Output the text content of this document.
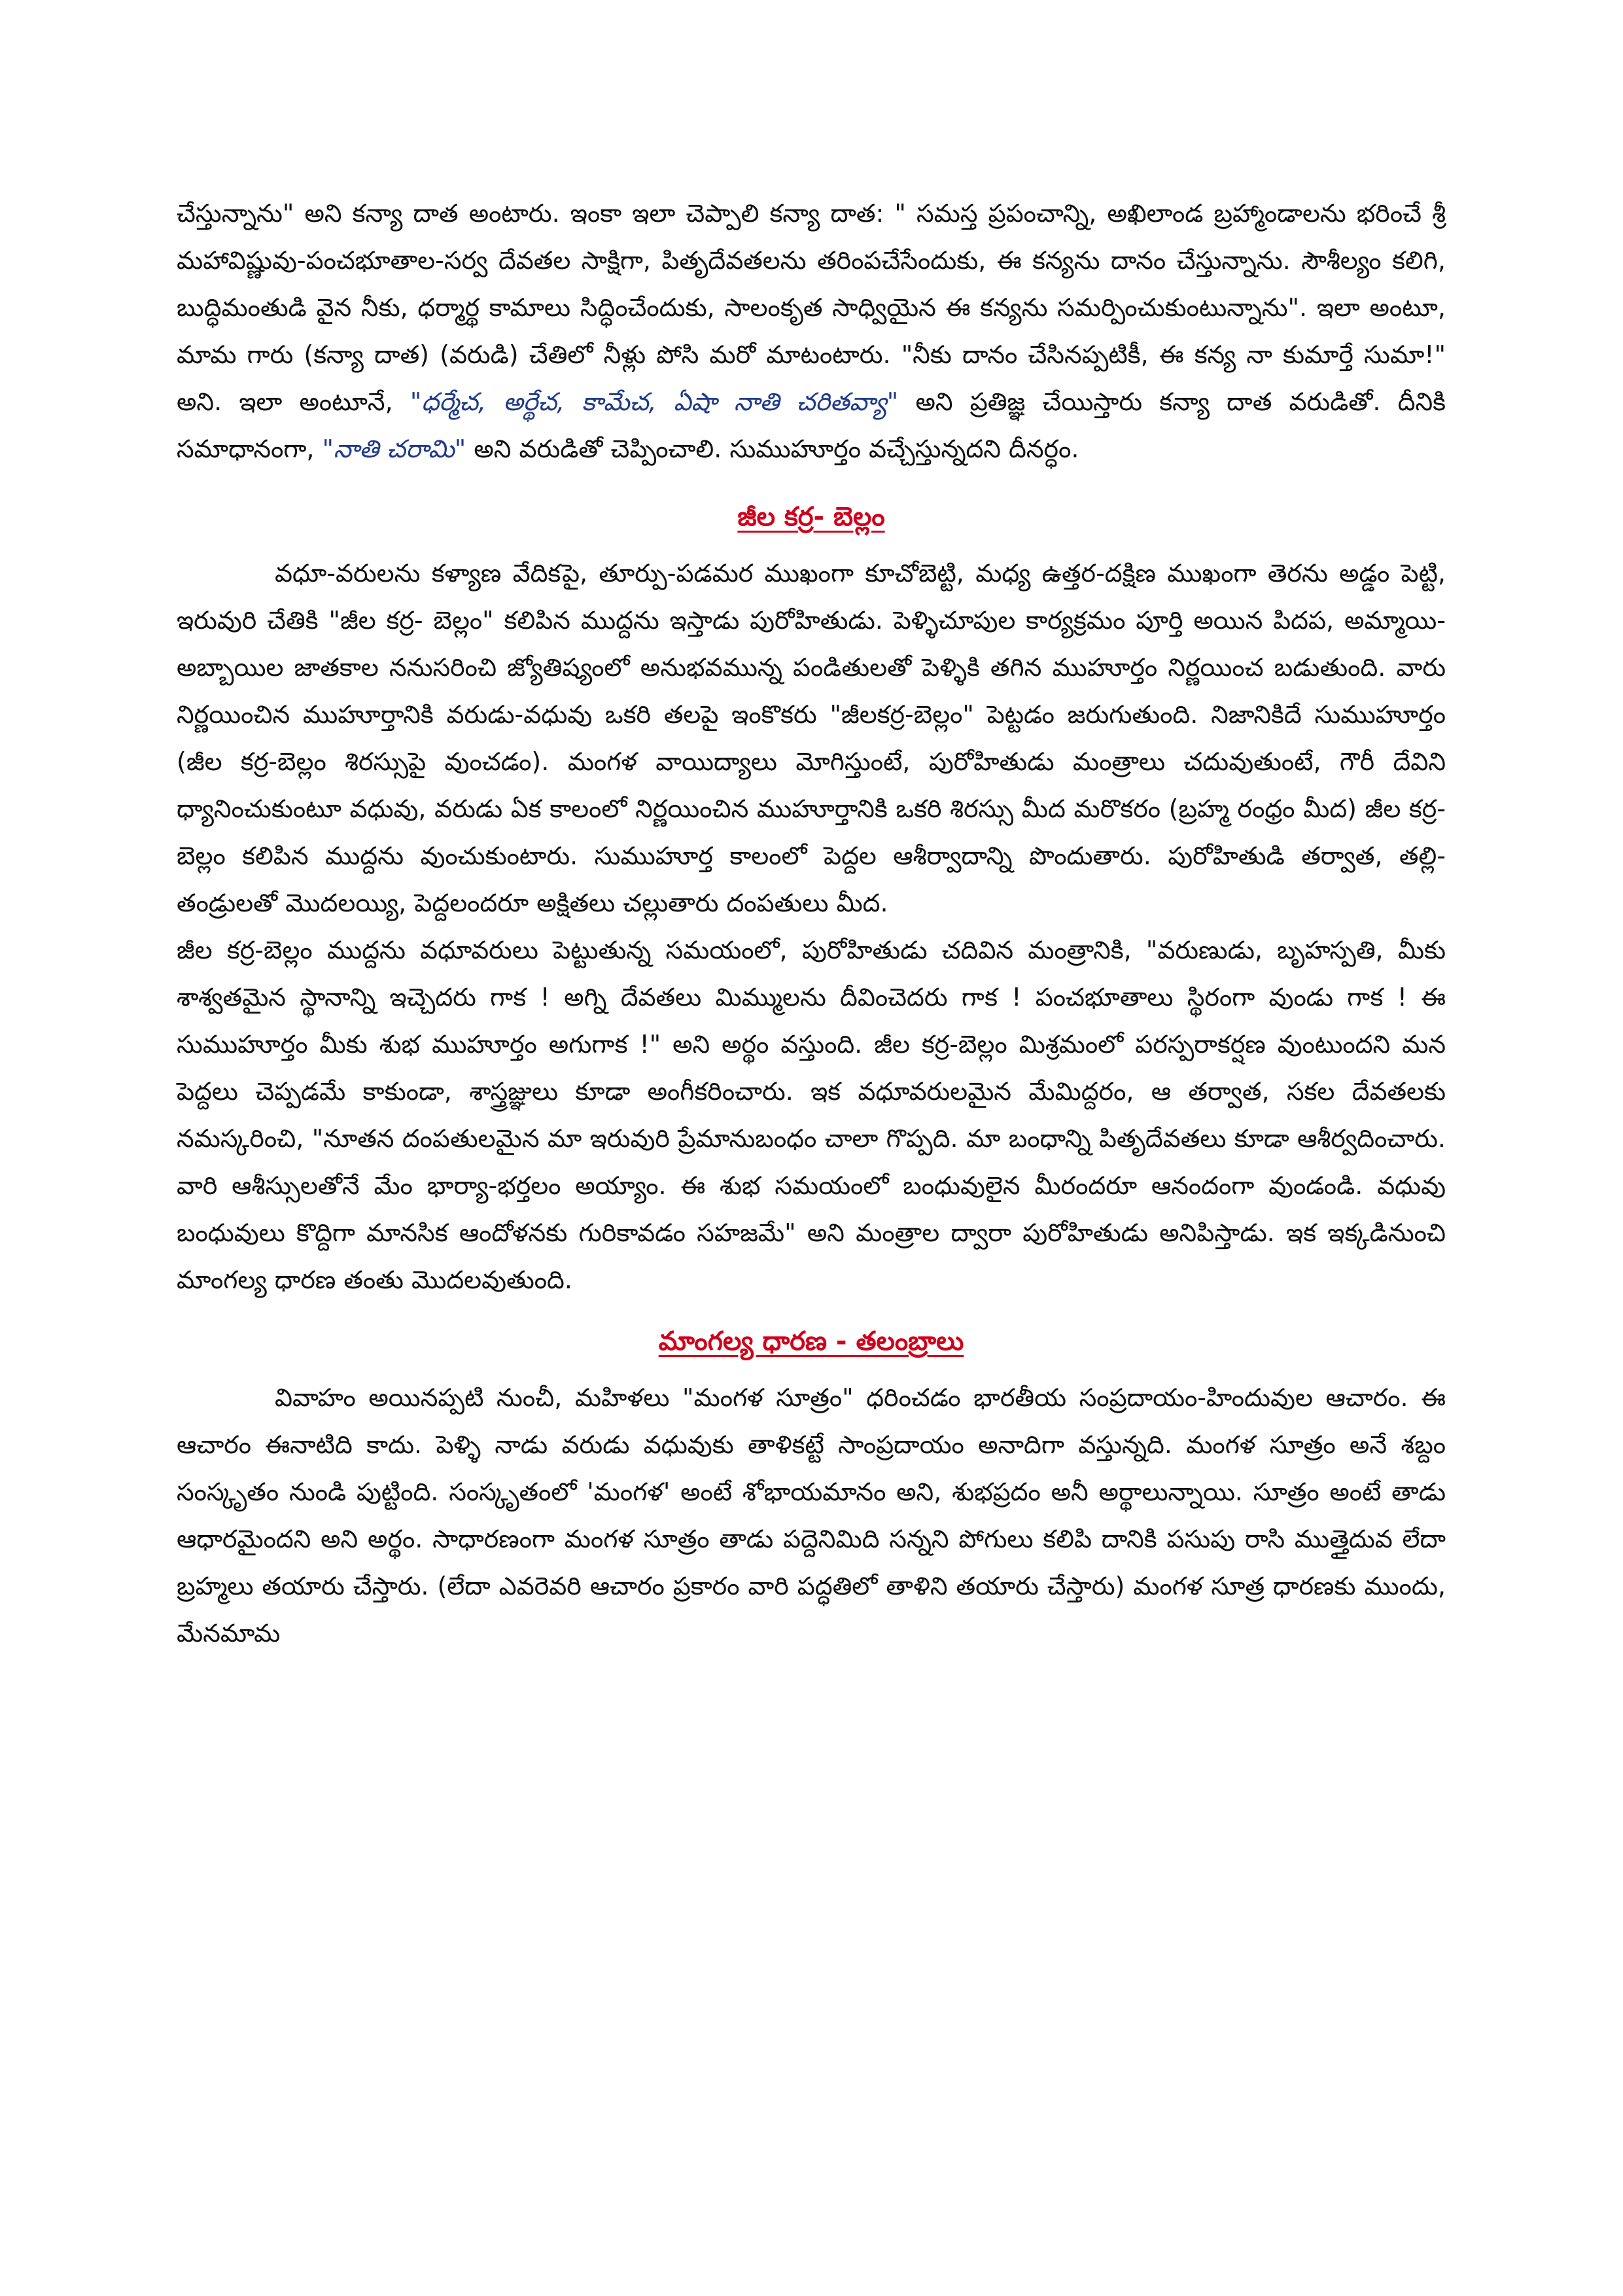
చేస్తున్నాను" అని కన్యా దాత అంటారు. ఇంకా ఇలా చెప్పాలి కన్యా దాత: " సమస్త ప్రపంచాన్ని, అఖిలాండ బ్రహ్మాండాలను భరించే శ్రీ మహావిష్ణువు-పంచభూతాల-సర్వ దేవతల సాక్షిగా, పితృదేవతలను తరింపచేసేందుకు, ఈ కన్యను దానం చేస్తున్నాను. సౌశీల్యం కలిగి, బుద్ధిమంతుడి వైన నీకు, ధర్మార్థ కామాలు సిద్ధించేందుకు, సాలంకృత సాధ్వియైన ఈ కన్యను సమర్పించుకుంటున్నాను". ఇలా అంటూ, మామ గారు (కన్యా దాత) (వరుడి) చేతిలో నీళ్లు పోసి మరో మాటంటారు. "నీకు దానం చేసినప్పటికీ, ఈ కన్య నా కుమార్తే సుమా!" అని. ఇలా అంటూనే, "ధర్మేచ, అర్థేచ, కామేచ, ఏషా నాతి చరితవ్యా" అని ప్రతిజ్ఞ చేయిస్తారు కన్యా దాత వరుడితో. దీనికి సమాధానంగా, "నాతి చరామి" అని వరుడితో చెప్పించాలి. సుముహూర్తం వచ్చేస్తున్నదని దీనర్ధం.

జీల కర్ర- బెల్లం

వధూ-వరులను కళ్యాణ వేదికపై, తూర్పు-పడమర ముఖంగా కూచోబెట్టి, మధ్య ఉత్తర-దక్షిణ ముఖంగా తెరను అడ్డం పెట్టి, ఇరువురి చేతికి "జీల కర్ర- బెల్లం" కలిపిన ముద్దను ఇస్తాడు పురోహితుడు. పెళ్ళిచూపుల కార్యక్రమం పూర్తి అయిన పిదప, అమ్మాయి-అబ్బాయిల జాతకాల ననుసరించి జ్యోతిష్యంలో అనుభవమున్న పండితులతో పెళ్ళికి తగిన ముహూర్తం నిర్ణయించ బడుతుంది. వారు నిర్ణయించిన ముహూర్తానికి వరుడు-వధువు ఒకరి తలపై ఇంకొకరు "జీలకర్ర-బెల్లం" పెట్టడం జరుగుతుంది. నిజానికిదే సుముహూర్తం (జీల కర్ర-బెల్లం శిరస్సుపై వుంచడం). మంగళ వాయిద్యాలు మోగిస్తుంటే, పురోహితుడు మంత్రాలు చదువుతుంటే, గౌరీ దేవిని ధ్యానించుకుంటూ వధువు, వరుడు ఏక కాలంలో నిర్ణయించిన ముహూర్తానికి ఒకరి శిరస్సు మీద మరొకరం (బ్రహ్మ రంధ్రం మీద) జీల కర్ర-బెల్లం కలిపిన ముద్దను వుంచుకుంటారు. సుముహూర్త కాలంలో పెద్దల ఆశీర్వాదాన్ని పొందుతారు. పురోహితుడి తర్వాత, తల్లి-తండ్రులతో మొదలయ్యి, పెద్దలందరూ అక్షితలు చల్లుతారు దంపతులు మీద.

జీల కర్ర-బెల్లం ముద్దను వధూవరులు పెట్టుతున్న సమయంలో, పురోహితుడు చదివిన మంత్రానికి, "వరుణుడు, బృహస్పతి, మీకు శాశ్వతమైన స్థానాన్ని ఇచ్చెదరు గాక ! అగ్ని దేవతలు మిమ్ములను దీవించెదరు గాక ! పంచభూతాలు స్థిరంగా వుండు గాక ! ఈ సుముహూర్తం మీకు శుభ ముహూర్తం అగుగాక !" అని అర్థం వస్తుంది. జీల కర్ర-బెల్లం మిశ్రమంలో పరస్పరాకర్షణ వుంటుందని మన పెద్దలు చెప్పడమే కాకుండా, శాస్త్రజ్ఞులు కూడా అంగీకరించారు. ఇక వధూవరులమైన మేమిద్దరం, ఆ తర్వాత, సకల దేవతలకు నమస్కరించి, "నూతన దంపతులమైన మా ఇరువురి ప్రేమానుబంధం చాలా గొప్పది. మా బంధాన్ని పితృదేవతలు కూడా ఆశీర్వదించారు. వారి ఆశీస్సులతోనే మేం భార్యా-భర్తలం అయ్యాం. ఈ శుభ సమయంలో బంధువులైన మీరందరూ ఆనందంగా వుండండి. వధువు బంధువులు కొద్దిగా మానసిక ఆందోళనకు గురికావడం సహజమే" అని మంత్రాల ద్వారా పురోహితుడు అనిపిస్తాడు. ఇక ఇక్కడినుంచి మాంగల్య ధారణ తంతు మొదలవుతుంది.

మాంగల్య ధారణ - తలంబ్రాలు

వివాహం అయినప్పటి నుంచీ, మహిళలు "మంగళ సూత్రం" ధరించడం భారతీయ సంప్రదాయం-హిందువుల ఆచారం. ఈ ఆచారం ఈనాటిది కాదు. పెళ్ళి నాడు వరుడు వధువుకు తాళికట్టే సాంప్రదాయం అనాదిగా వస్తున్నది. మంగళ సూత్రం అనే శబ్దం సంస్కృతం నుండి పుట్టింది. సంస్కృతంలో 'మంగళ' అంటే శోభాయమానం అని, శుభప్రదం అనీ అర్థాలున్నాయి. సూత్రం అంటే తాడు ఆధారమైందని అని అర్థం. సాధారణంగా మంగళ సూత్రం తాడు పద్దెనిమిది సన్నని పోగులు కలిపి దానికి పసుపు రాసి ముత్తైదువ లేదా బ్రహ్మలు తయారు చేస్తారు. (లేదా ఎవరెవరి ఆచారం ప్రకారం వారి పద్ధతిలో తాళిని తయారు చేస్తారు) మంగళ సూత్ర ధారణకు ముందు, మేనమామ
